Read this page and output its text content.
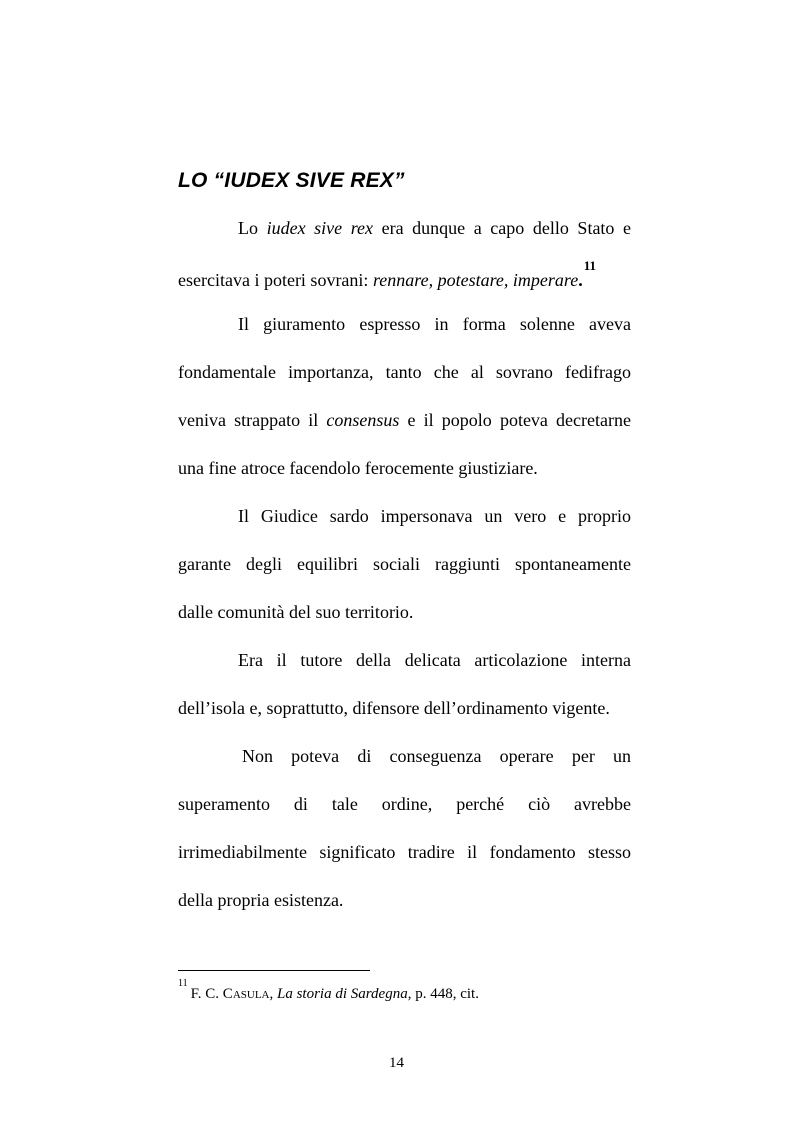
LO “IUDEX SIVE REX”
Lo iudex sive rex era dunque a capo dello Stato e
esercitava i poteri sovrani: rennare, potestare, imperare.$^{11}$
Il giuramento espresso in forma solenne aveva
fondamentale importanza, tanto che al sovrano fedifrago
veniva strappato il consensus e il popolo poteva decretarne
una fine atroce facendolo ferocemente giustiziare.
Il Giudice sardo impersonava un vero e proprio
garante degli equilibri sociali raggiunti spontaneamente
dalle comunità del suo territorio.
Era il tutore della delicata articolazione interna
dell’isola e, soprattutto, difensore dell’ordinamento vigente.
Non poteva di conseguenza operare per un
superamento di tale ordine, perché ciò avrebbe
irrimediabilmente significato tradire il fondamento stesso
della propria esistenza.
$^{11}$F. C. CASULA, La storia di Sardegna, p. 448, cit.
14
